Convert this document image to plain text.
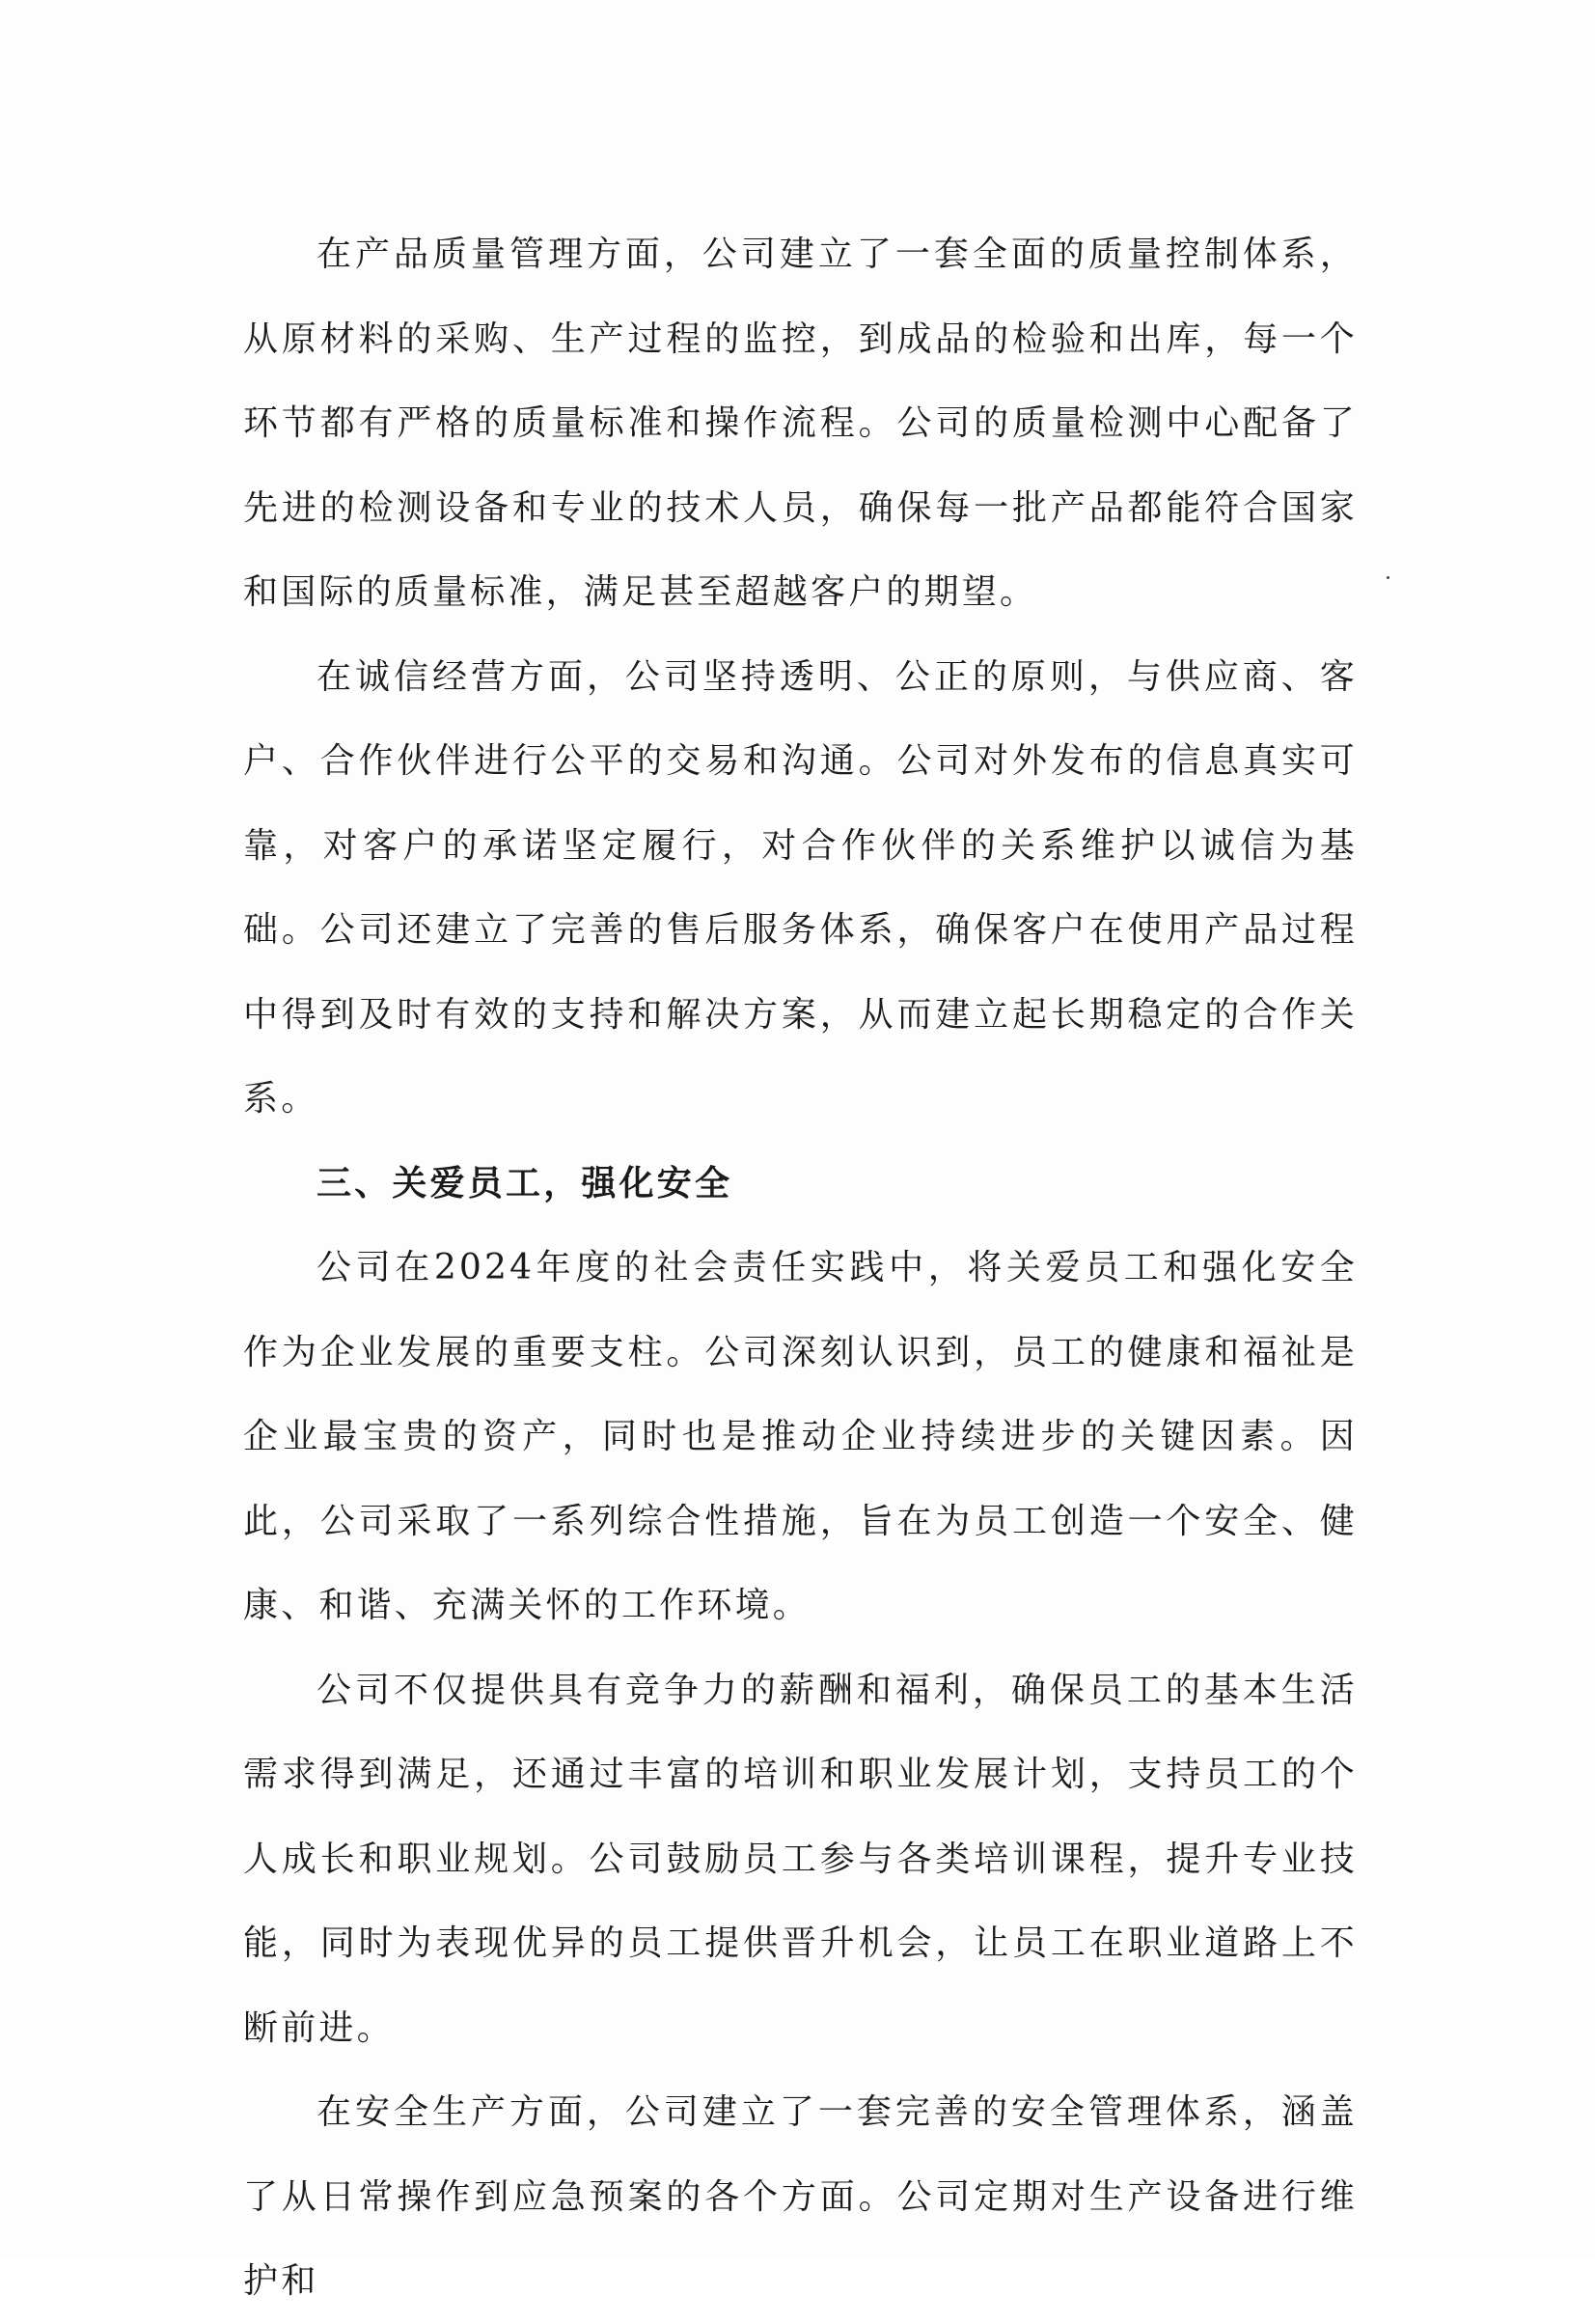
在产品质量管理方面，公司建立了一套全面的质量控制体系，从原材料的采购、生产过程的监控，到成品的检验和出库，每一个环节都有严格的质量标准和操作流程。公司的质量检测中心配备了先进的检测设备和专业的技术人员，确保每一批产品都能符合国家和国际的质量标准，满足甚至超越客户的期望。

在诚信经营方面，公司坚持透明、公正的原则，与供应商、客户、合作伙伴进行公平的交易和沟通。公司对外发布的信息真实可靠，对客户的承诺坚定履行，对合作伙伴的关系维护以诚信为基础。公司还建立了完善的售后服务体系，确保客户在使用产品过程中得到及时有效的支持和解决方案，从而建立起长期稳定的合作关系。

三、关爱员工，强化安全

公司在2024年度的社会责任实践中，将关爱员工和强化安全作为企业发展的重要支柱。公司深刻认识到，员工的健康和福祉是企业最宝贵的资产，同时也是推动企业持续进步的关键因素。因此，公司采取了一系列综合性措施，旨在为员工创造一个安全、健康、和谐、充满关怀的工作环境。

公司不仅提供具有竞争力的薪酬和福利，确保员工的基本生活需求得到满足，还通过丰富的培训和职业发展计划，支持员工的个人成长和职业规划。公司鼓励员工参与各类培训课程，提升专业技能，同时为表现优异的员工提供晋升机会，让员工在职业道路上不断前进。

在安全生产方面，公司建立了一套完善的安全管理体系，涵盖了从日常操作到应急预案的各个方面。公司定期对生产设备进行维护和
